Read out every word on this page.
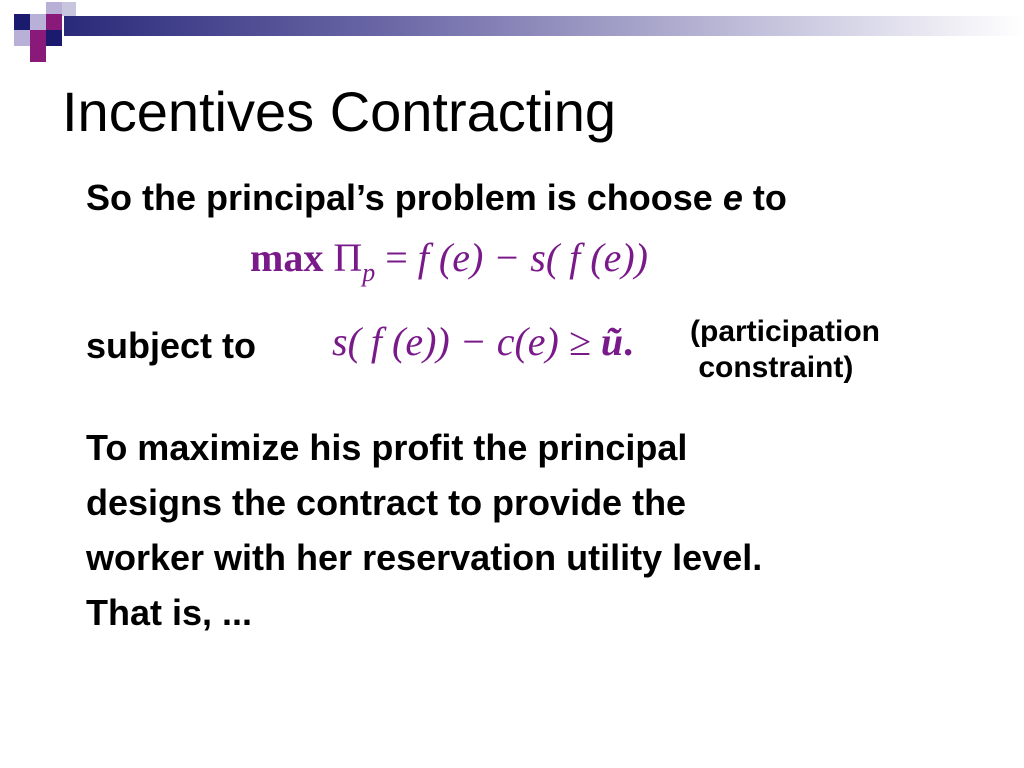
Incentives Contracting
So the principal’s problem is choose e to
$\max \Pi_p = f$ (e) − s( f (e))
subject to s( f (e)) − c(e) ≥ ũ. (participation
constraint)
To maximize his profit the principal
designs the contract to provide the
worker with her reservation utility level.
That is, ...
